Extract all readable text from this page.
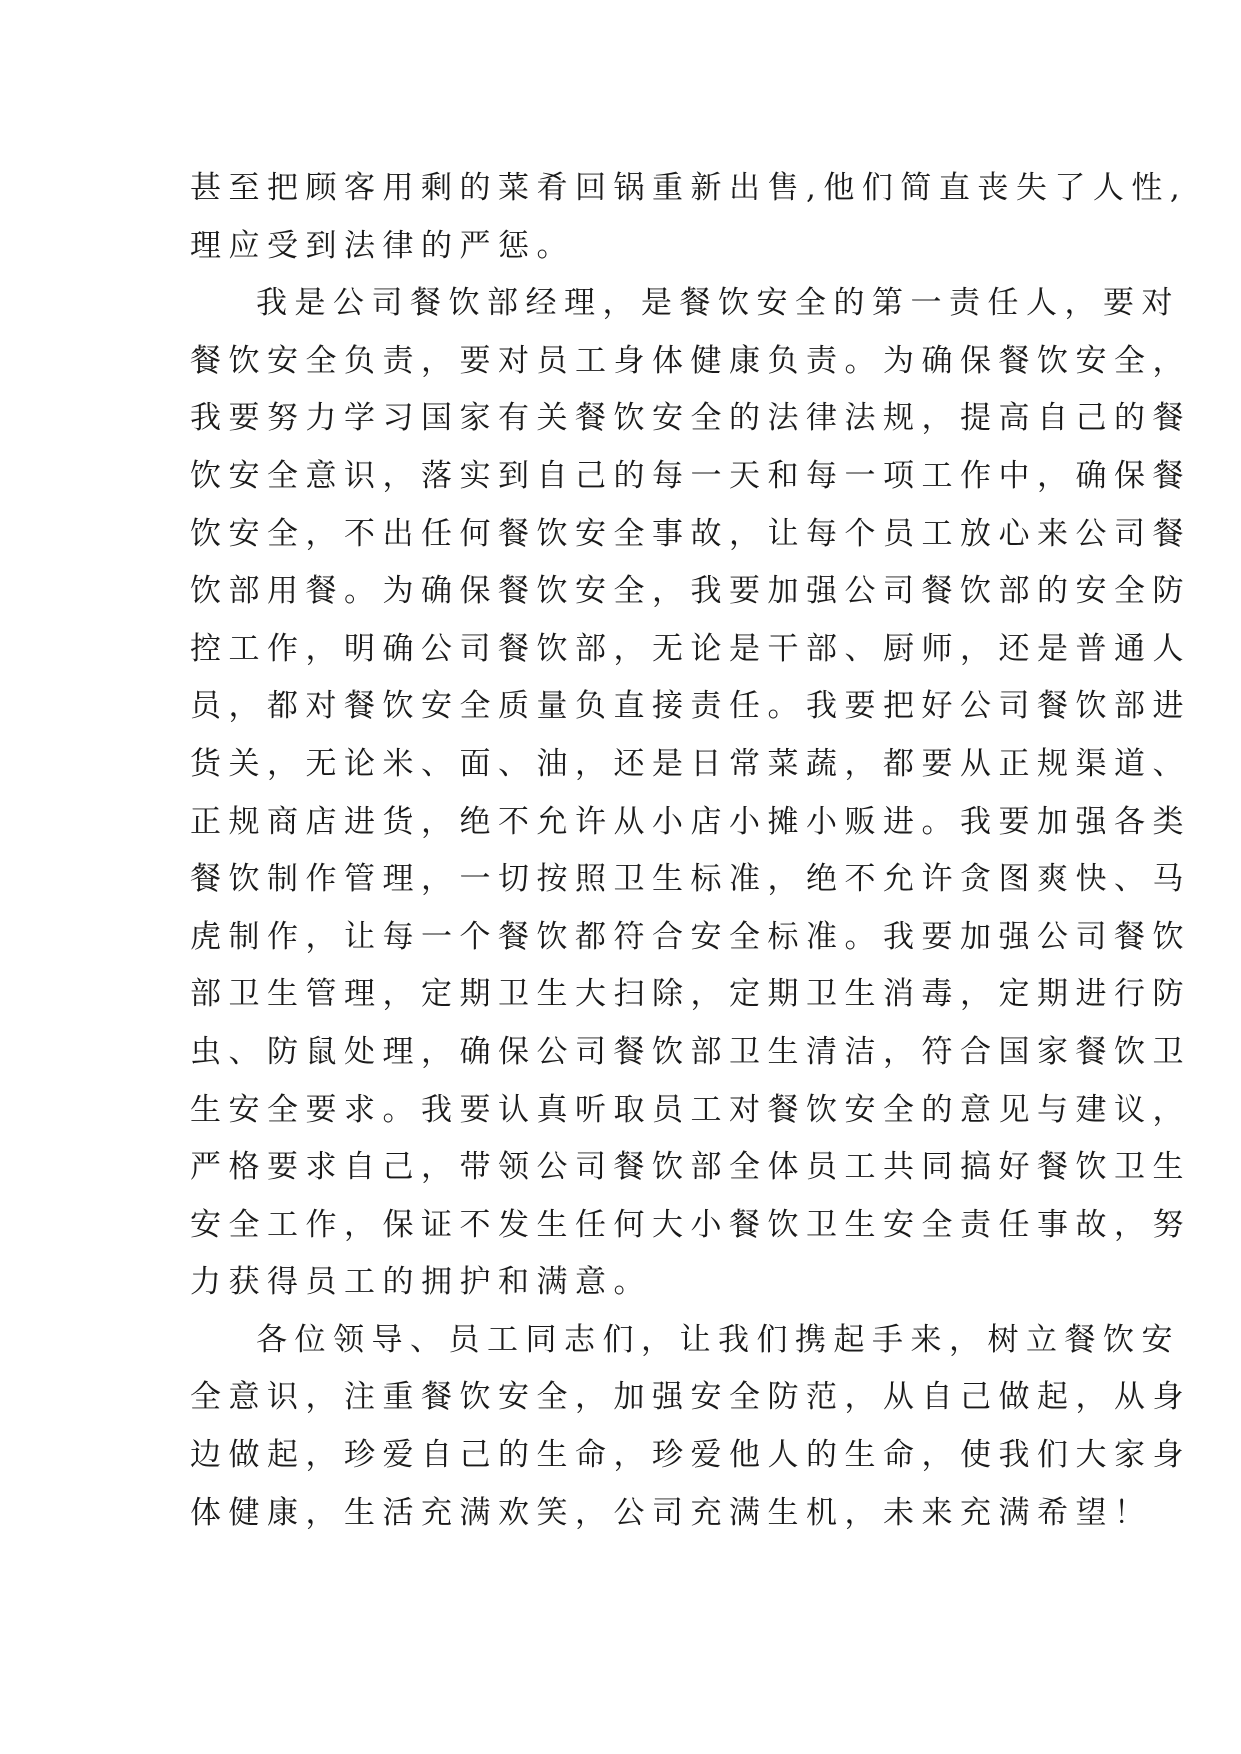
甚至把顾客用剩的菜肴回锅重新出售,他们简直丧失了人性,
理应受到法律的严惩。
我是公司餐饮部经理，是餐饮安全的第一责任人，要对
餐饮安全负责，要对员工身体健康负责。为确保餐饮安全，
我要努力学习国家有关餐饮安全的法律法规，提高自己的餐
饮安全意识，落实到自己的每一天和每一项工作中，确保餐
饮安全，不出任何餐饮安全事故，让每个员工放心来公司餐
饮部用餐。为确保餐饮安全，我要加强公司餐饮部的安全防
控工作，明确公司餐饮部，无论是干部、厨师，还是普通人
员，都对餐饮安全质量负直接责任。我要把好公司餐饮部进
货关，无论米、面、油，还是日常菜蔬，都要从正规渠道、
正规商店进货，绝不允许从小店小摊小贩进。我要加强各类
餐饮制作管理，一切按照卫生标准，绝不允许贪图爽快、马
虎制作，让每一个餐饮都符合安全标准。我要加强公司餐饮
部卫生管理，定期卫生大扫除，定期卫生消毒，定期进行防
虫、防鼠处理，确保公司餐饮部卫生清洁，符合国家餐饮卫
生安全要求。我要认真听取员工对餐饮安全的意见与建议，
严格要求自己，带领公司餐饮部全体员工共同搞好餐饮卫生
安全工作，保证不发生任何大小餐饮卫生安全责任事故，努
力获得员工的拥护和满意。
各位领导、员工同志们，让我们携起手来，树立餐饮安
全意识，注重餐饮安全，加强安全防范，从自己做起，从身
边做起，珍爱自己的生命，珍爱他人的生命，使我们大家身
体健康，生活充满欢笑，公司充满生机，未来充满希望！
